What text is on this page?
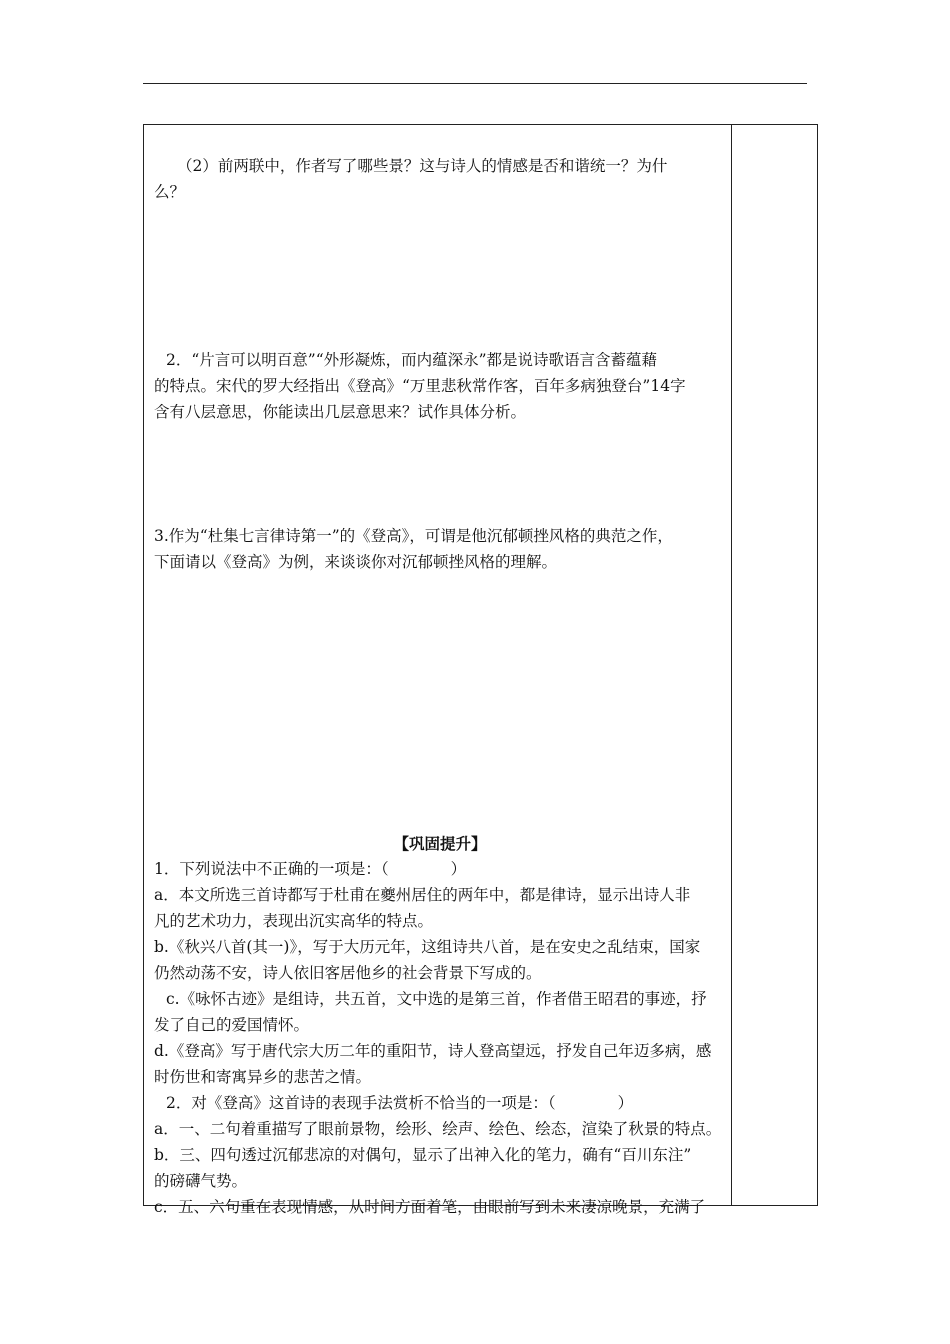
（2）前两联中，作者写了哪些景？这与诗人的情感是否和谐统一？为什
么？

2．“片言可以明百意”“外形凝炼，而内蕴深永”都是说诗歌语言含蓄蕴藉
的特点。宋代的罗大经指出《登高》“万里悲秋常作客，百年多病独登台”14字
含有八层意思，你能读出几层意思来？试作具体分析。

3.作为“杜集七言律诗第一”的《登高》，可谓是他沉郁顿挫风格的典范之作，
下面请以《登高》为例，来谈谈你对沉郁顿挫风格的理解。

【巩固提升】

1．下列说法中不正确的一项是：（　　　　）
a．本文所选三首诗都写于杜甫在夔州居住的两年中，都是律诗，显示出诗人非
凡的艺术功力，表现出沉实高华的特点。
b.《秋兴八首(其一)》，写于大历元年，这组诗共八首，是在安史之乱结束，国家
仍然动荡不安，诗人依旧客居他乡的社会背景下写成的。
c.《咏怀古迹》是组诗，共五首，文中选的是第三首，作者借王昭君的事迹，抒
发了自己的爱国情怀。
d.《登高》写于唐代宗大历二年的重阳节，诗人登高望远，抒发自己年迈多病，感
时伤世和寄寓异乡的悲苦之情。
2．对《登高》这首诗的表现手法赏析不恰当的一项是：（　　　　）
a．一、二句着重描写了眼前景物，绘形、绘声、绘色、绘态，渲染了秋景的特点。
b．三、四句透过沉郁悲凉的对偶句，显示了出神入化的笔力，确有“百川东注”
的磅礴气势。
c．五、六句重在表现情感，从时间方面着笔，由眼前写到未来凄凉晚景，充满了
